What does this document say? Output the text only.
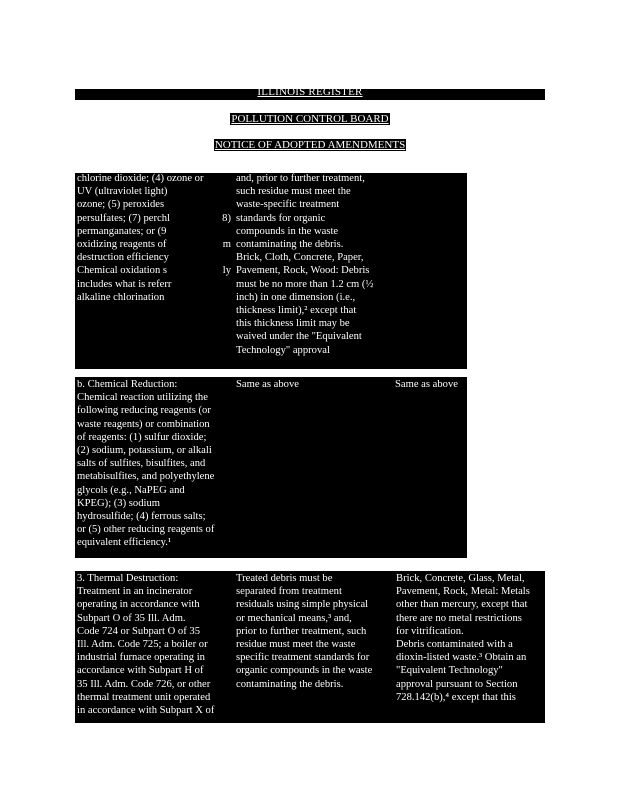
ILLINOIS REGISTER
POLLUTION CONTROL BOARD
NOTICE OF ADOPTED AMENDMENTS
chlorine dioxide; (4) ozone or
UV (ultraviolet light)
ozone; (5) peroxides
persulfates; (7) perchl
permanganates; or (9
oxidizing reagents of
destruction efficiency
Chemical oxidation s
includes what is referr
alkaline chlorination

8)

m

ly
and, prior to further treatment,
such residue must meet the
waste-specific treatment
standards for organic
compounds in the waste
contaminating the debris.
Brick, Cloth, Concrete, Paper,
Pavement, Rock, Wood: Debris
must be no more than 1.2 cm (½
inch) in one dimension (i.e.,
thickness limit),² except that
this thickness limit may be
waived under the "Equivalent
Technology" approval
b. Chemical Reduction:
Chemical reaction utilizing the
following reducing reagents (or
waste reagents) or combination
of reagents: (1) sulfur dioxide;
(2) sodium, potassium, or alkali
salts of sulfites, bisulfites, and
metabisulfites, and polyethylene
glycols (e.g., NaPEG and
KPEG); (3) sodium
hydrosulfide; (4) ferrous salts;
or (5) other reducing reagents of
equivalent efficiency.¹
Same as above	Same as above
3. Thermal Destruction:
Treatment in an incinerator
operating in accordance with
Subpart O of 35 Ill. Adm.
Code 724 or Subpart O of 35
Ill. Adm. Code 725; a boiler or
industrial furnace operating in
accordance with Subpart H of
35 Ill. Adm. Code 726, or other
thermal treatment unit operated
in accordance with Subpart X of
Treated debris must be
separated from treatment
residuals using simple physical
or mechanical means,³ and,
prior to further treatment, such
residue must meet the waste
specific treatment standards for
organic compounds in the waste
contaminating the debris.
Brick, Concrete, Glass, Metal,
Pavement, Rock, Metal: Metals
other than mercury, except that
there are no metal restrictions
for vitrification.
Debris contaminated with a
dioxin-listed waste.³ Obtain an
"Equivalent Technology"
approval pursuant to Section
728.142(b),⁴ except that this
